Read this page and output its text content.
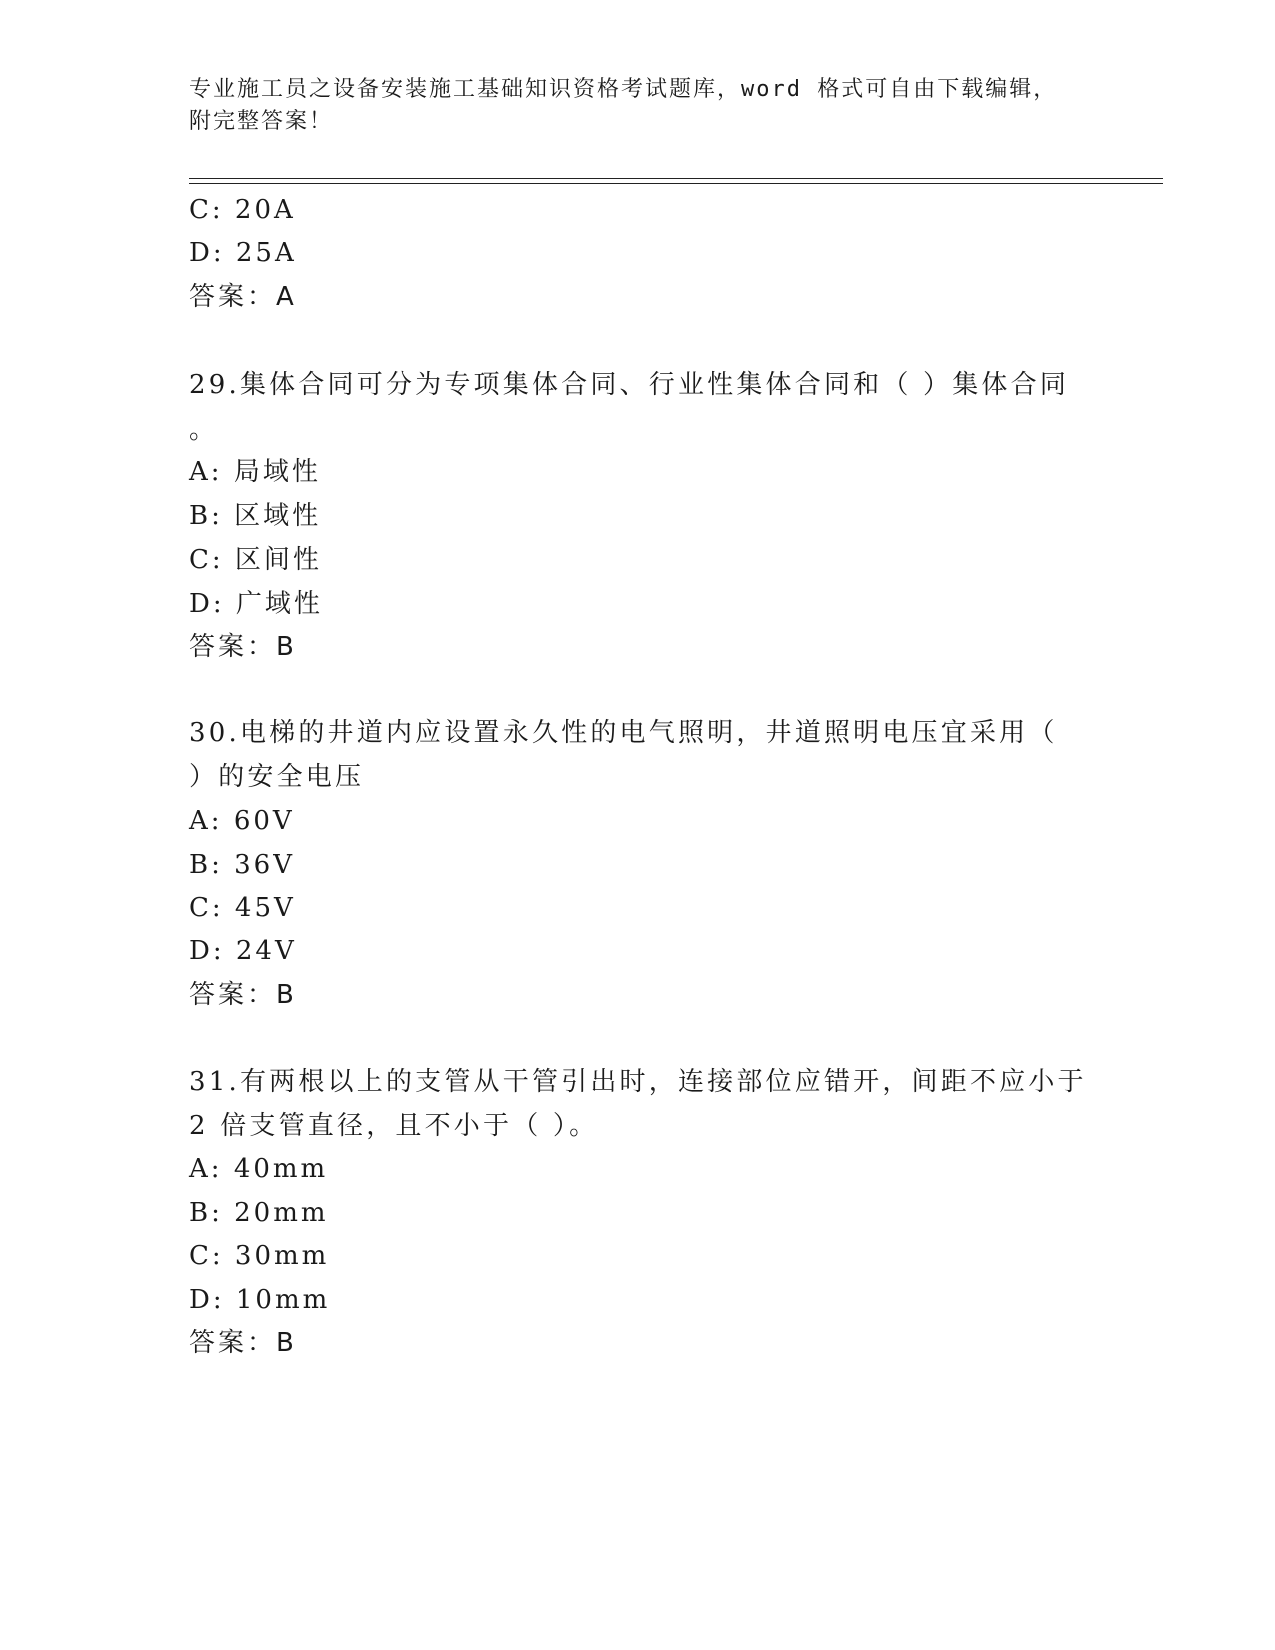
专业施工员之设备安装施工基础知识资格考试题库，word 格式可自由下载编辑，
附完整答案！
C: 20A
D: 25A
答案：A
29.集体合同可分为专项集体合同、行业性集体合同和（ ）集体合同
。
A: 局域性
B: 区域性
C: 区间性
D: 广域性
答案：B
30.电梯的井道内应设置永久性的电气照明，井道照明电压宜采用（
）的安全电压
A: 60V
B: 36V
C: 45V
D: 24V
答案：B
31.有两根以上的支管从干管引出时，连接部位应错开，间距不应小于
2 倍支管直径，且不小于（ ）。
A: 40mm
B: 20mm
C: 30mm
D: 10mm
答案：B
